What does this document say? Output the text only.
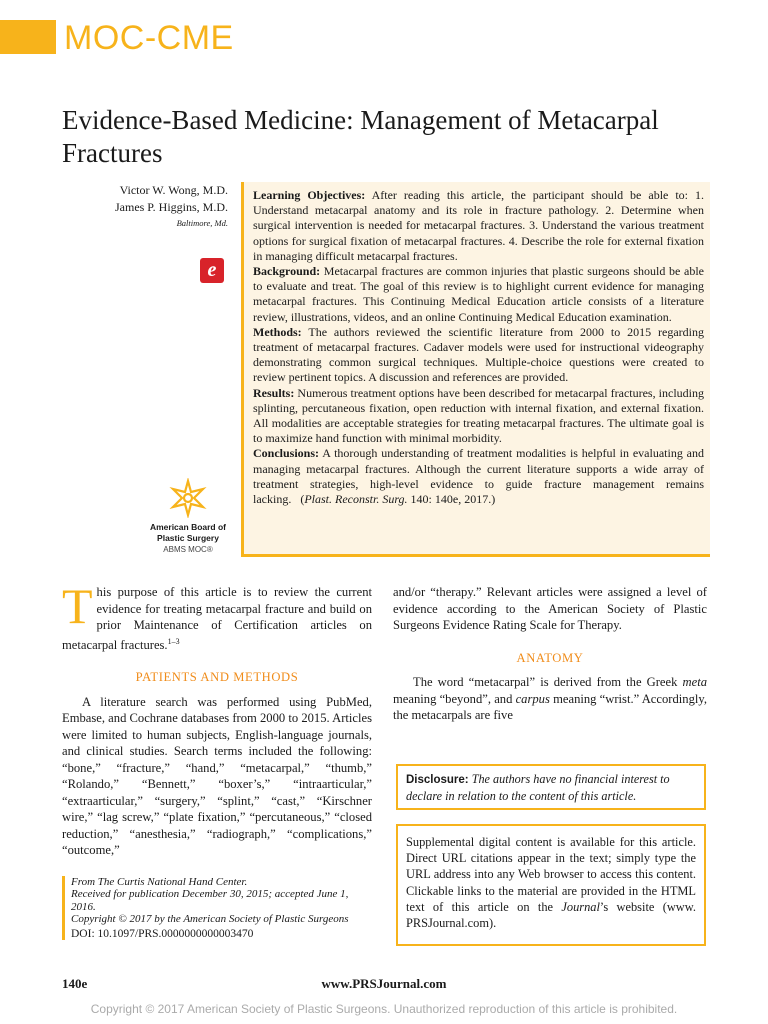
MOC-CME
Evidence-Based Medicine: Management of Metacarpal Fractures
Victor W. Wong, M.D.
James P. Higgins, M.D.
Baltimore, Md.
e
American Board of
Plastic Surgery
ABMS MOC®

Learning Objectives: After reading this article, the participant should be able to: 1. Understand metacarpal anatomy and its role in fracture pathology. 2. Determine when surgical intervention is needed for metacarpal fractures. 3. Understand the various treatment options for surgical fixation of metacarpal fractures. 4. Describe the role for external fixation in managing difficult metacarpal fractures.

Background: Metacarpal fractures are common injuries that plastic surgeons should be able to evaluate and treat. The goal of this review is to highlight current evidence for managing metacarpal fractures. This Continuing Medical Education article consists of a literature review, illustrations, videos, and an online Continuing Medical Education examination.

Methods: The authors reviewed the scientific literature from 2000 to 2015 regarding treatment of metacarpal fractures. Cadaver models were used for instructional videography demonstrating common surgical techniques. Multiple-choice questions were created to review pertinent topics. A discussion and references are provided.

Results: Numerous treatment options have been described for metacarpal fractures, including splinting, percutaneous fixation, open reduction with internal fixation, and external fixation. All modalities are acceptable strategies for treating metacarpal fractures. The ultimate goal is to maximize hand function with minimal morbidity.

Conclusions: A thorough understanding of treatment modalities is helpful in evaluating and managing metacarpal fractures. Although the current literature supports a wide array of treatment strategies, high-level evidence to guide fracture management remains lacking. (Plast. Reconstr. Surg. 140: 140e, 2017.)

This purpose of this article is to review the current evidence for treating metacarpal fracture and build on prior Maintenance of Certification articles on metacarpal fractures.$^{1-3}$

PATIENTS AND METHODS

A literature search was performed using PubMed, Embase, and Cochrane databases from 2000 to 2015. Articles were limited to human subjects, English-language journals, and clinical studies. Search terms included the following: “bone,” “fracture,” “hand,” “metacarpal,” “thumb,” “Rolando,” “Bennett,” “boxer’s,” “intraarticular,” “extraarticular,” “surgery,” “splint,” “cast,” “Kirschner wire,” “lag screw,” “plate fixation,” “percutaneous,” “closed reduction,” “anesthesia,” “radiograph,” “complications,” “outcome,”

and/or “therapy.” Relevant articles were assigned a level of evidence according to the American Society of Plastic Surgeons Evidence Rating Scale for Therapy.

ANATOMY

The word “metacarpal” is derived from the Greek meta meaning “beyond”, and carpus meaning “wrist.” Accordingly, the metacarpals are five

Disclosure: The authors have no financial interest to declare in relation to the content of this article.
Supplemental digital content is available for this article. Direct URL citations appear in the text; simply type the URL address into any Web browser to access this content. Clickable links to the material are provided in the HTML text of this article on the Journal’s website (www. PRSJournal.com).
From The Curtis National Hand Center.
Received for publication December 30, 2015; accepted June 1, 2016.
Copyright © 2017 by the American Society of Plastic Surgeons
DOI: 10.1097/PRS.0000000000003470
www.PRSJournal.com
140e
Copyright © 2017 American Society of Plastic Surgeons. Unauthorized reproduction of this article is prohibited.
